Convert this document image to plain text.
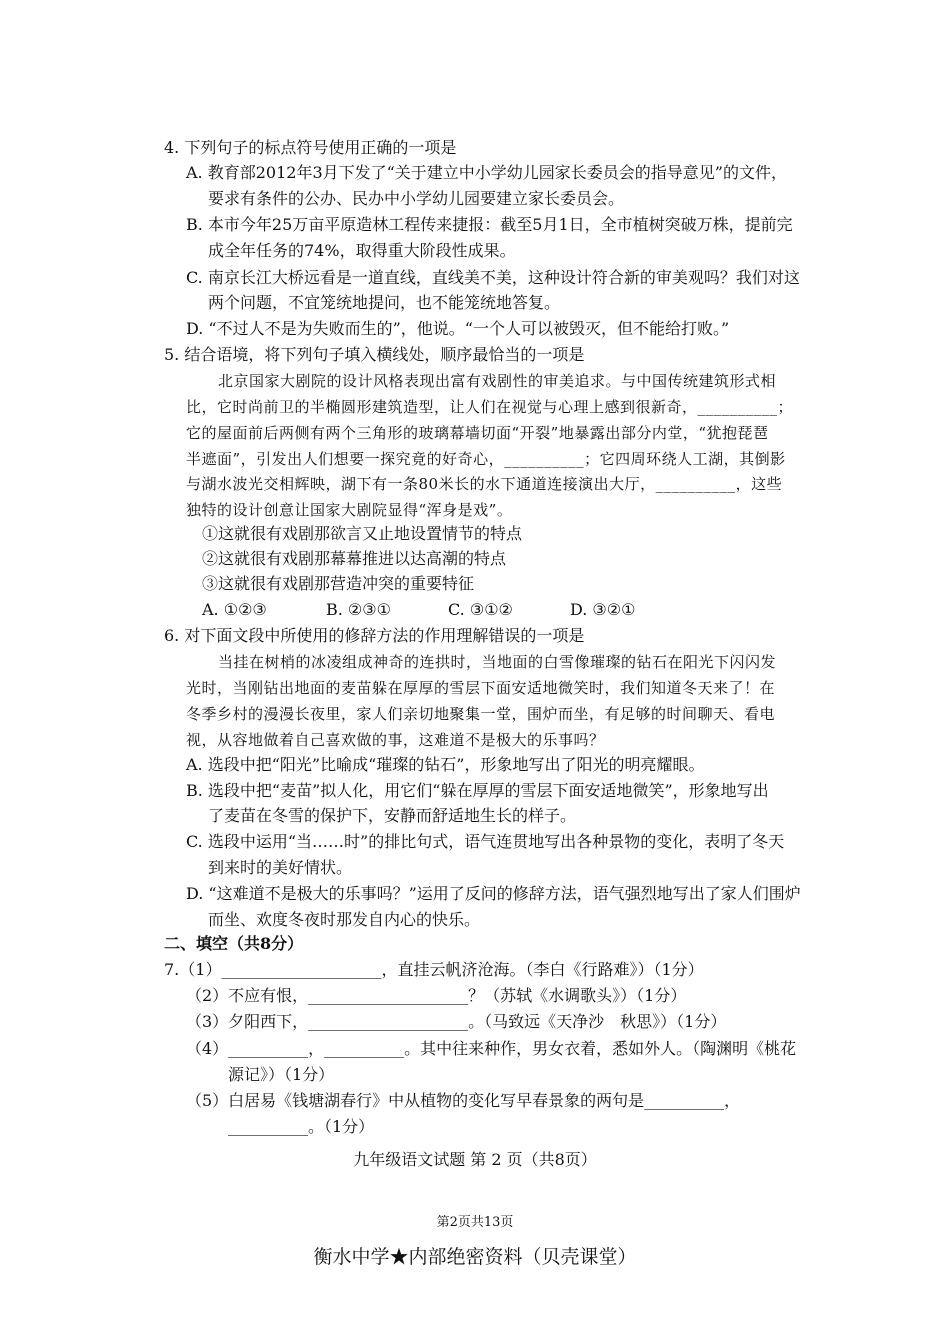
4. 下列句子的标点符号使用正确的一项是
A. 教育部2012年3月下发了“关于建立中小学幼儿园家长委员会的指导意见”的文件，
要求有条件的公办、民办中小学幼儿园要建立家长委员会。
B. 本市今年25万亩平原造林工程传来捷报：截至5月1日，全市植树突破万株，提前完
成全年任务的74%，取得重大阶段性成果。
C. 南京长江大桥远看是一道直线，直线美不美，这种设计符合新的审美观吗？我们对这
两个问题，不宜笼统地提问，也不能笼统地答复。
D. “不过人不是为失败而生的”，他说。“一个人可以被毁灭，但不能给打败。”
5. 结合语境，将下列句子填入横线处，顺序最恰当的一项是
北京国家大剧院的设计风格表现出富有戏剧性的审美追求。与中国传统建筑形式相
比，它时尚前卫的半椭圆形建筑造型，让人们在视觉与心理上感到很新奇，__________；
它的屋面前后两侧有两个三角形的玻璃幕墙切面“开裂”地暴露出部分内堂，“犹抱琵琶
半遮面”，引发出人们想要一探究竟的好奇心，__________；它四周环绕人工湖，其倒影
与湖水波光交相辉映，湖下有一条80米长的水下通道连接演出大厅，__________，这些
独特的设计创意让国家大剧院显得“浑身是戏”。
①这就很有戏剧那欲言又止地设置情节的特点
②这就很有戏剧那幕幕推进以达高潮的特点
③这就很有戏剧那营造冲突的重要特征
A. ①②③	B. ②③①	C. ③①②	D. ③②①
6. 对下面文段中所使用的修辞方法的作用理解错误的一项是
当挂在树梢的冰凌组成神奇的连拱时，当地面的白雪像璀璨的钻石在阳光下闪闪发
光时，当刚钻出地面的麦苗躲在厚厚的雪层下面安适地微笑时，我们知道冬天来了！在
冬季乡村的漫漫长夜里，家人们亲切地聚集一堂，围炉而坐，有足够的时间聊天、看电
视，从容地做着自己喜欢做的事，这难道不是极大的乐事吗？
A. 选段中把“阳光”比喻成“璀璨的钻石”，形象地写出了阳光的明亮耀眼。
B. 选段中把“麦苗”拟人化，用它们“躲在厚厚的雪层下面安适地微笑”，形象地写出
了麦苗在冬雪的保护下，安静而舒适地生长的样子。
C. 选段中运用“当……时”的排比句式，语气连贯地写出各种景物的变化，表明了冬天
到来时的美好情状。
D. “这难道不是极大的乐事吗？”运用了反问的修辞方法，语气强烈地写出了家人们围炉
而坐、欢度冬夜时那发自内心的快乐。
二、填空（共8分）
7.（1）____________________，直挂云帆济沧海。（李白《行路难》）（1分）
（2）不应有恨，____________________？（苏轼《水调歌头》）（1分）
（3）夕阳西下，____________________。（马致远《天净沙　秋思》）（1分）
（4）__________，__________。其中往来种作，男女衣着，悉如外人。（陶渊明《桃花
源记》）（1分）
（5）白居易《钱塘湖春行》中从植物的变化写早春景象的两句是__________，
__________。（1分）
九年级语文试题 第 2 页（共8页）
第2页共13页
衡水中学★内部绝密资料（贝壳课堂）
